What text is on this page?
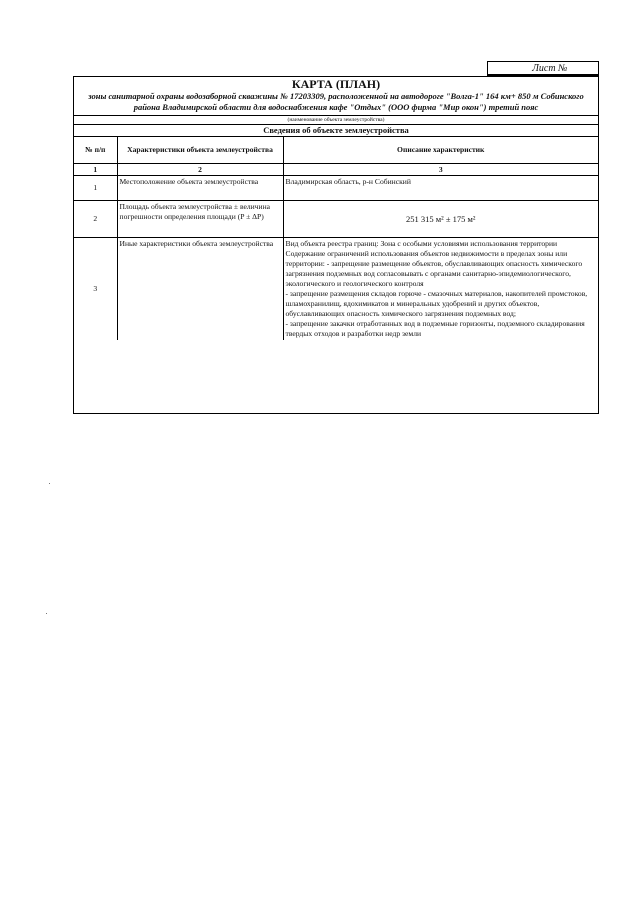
Лист №
КАРТА (ПЛАН)
зоны санитарной охраны водозаборной скважины № 17203309, расположенной на автодороге "Волга-1" 164 км+ 850 м Собинского района Владимирской области для водоснабжения кафе "Отдых" (ООО фирма "Мир окон") третий пояс
(наименование объекта землеустройства)
Сведения об объекте землеустройства
№ п/п	Характеристики объекта землеустройства	Описание характеристик
1	2	3
1	Местоположение объекта землеустройства	Владимирская область, р-н Собинский
2	Площадь объекта землеустройства ± величина погрешности определения площади (P ± ΔP)	251 315 м² ± 175 м²
3	Иные характеристики объекта землеустройства	Вид объекта реестра границ: Зона с особыми условиями использования территории
Содержание ограничений использования объектов недвижимости в пределах зоны или территории: - запрещение размещение объектов, обуславливающих опасность химического загрязнения подземных вод согласовывать с органами санитарно-эпидемиологического, экологического и геологического контроля
- запрещение размещения складов горюче - смазочных материалов, накопителей промстоков, шламохранилищ, ядохимикатов и минеральных удобрений и других объектов, обуславливающих опасность химического загрязнения подземных вод;
- запрещение закачки отработанных вод в подземные горизонты, подземного складирования твердых отходов и разработки недр земли
